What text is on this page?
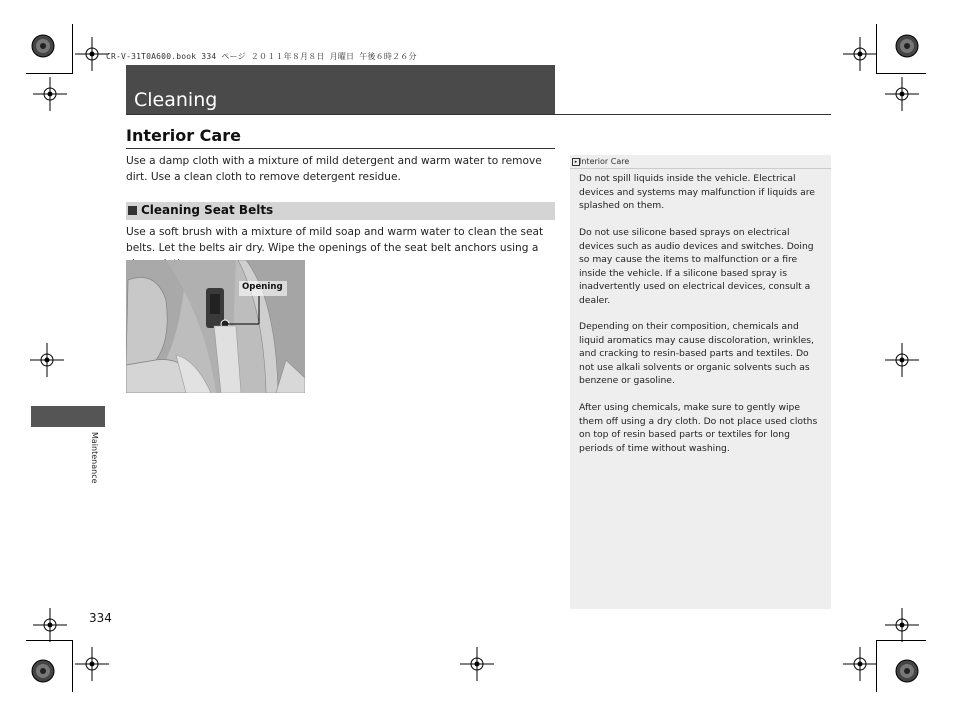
CR-V-31T0A600.book 334 ページ ２０１１年８月８日 月曜日 午後６時２６分
Cleaning
Interior Care
Use a damp cloth with a mixture of mild detergent and warm water to remove dirt. Use a clean cloth to remove detergent residue.
Cleaning Seat Belts
Use a soft brush with a mixture of mild soap and warm water to clean the seat belts. Let the belts air dry. Wipe the openings of the seat belt anchors using a
Opening
▸ Interior Care
Do not spill liquids inside the vehicle. Electrical devices and systems may malfunction if liquids are splashed on them.
Do not use silicone based sprays on electrical devices such as audio devices and switches. Doing so may cause the items to malfunction or a fire inside the vehicle. If a silicone based spray is inadvertently used on electrical devices, consult a dealer.
Depending on their composition, chemicals and liquid aromatics may cause discoloration, wrinkles, and cracking to resin-based parts and textiles. Do not use alkali solvents or organic solvents such as benzene or gasoline.
After using chemicals, make sure to gently wipe them off using a dry cloth. Do not place used cloths on top of resin based parts or textiles for long periods of time without washing.
Maintenance
334
